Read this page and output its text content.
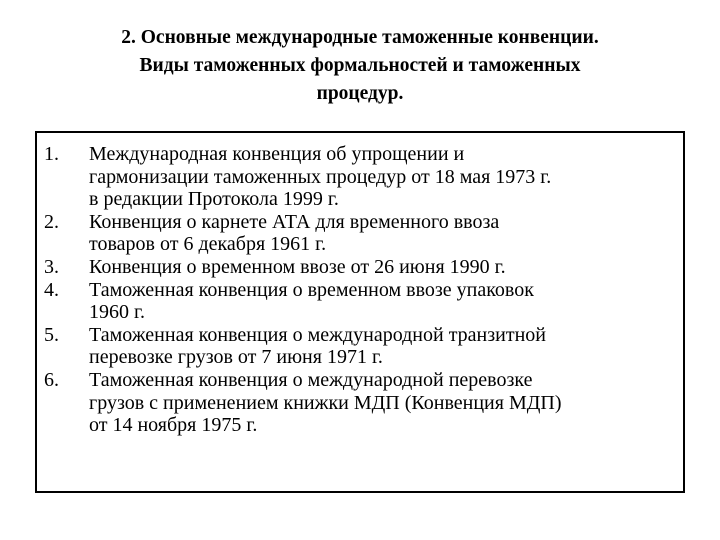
2. Основные международные таможенные конвенции.
Виды таможенных формальностей и таможенных
процедур.
1.	Международная конвенция об упрощении и
гармонизации таможенных процедур от 18 мая 1973 г.
в редакции Протокола 1999 г.
2.	Конвенция о карнете АТА для временного ввоза
товаров от 6 декабря 1961 г.
3.	Конвенция о временном ввозе от 26 июня 1990 г.
4.	Таможенная конвенция о временном ввозе упаковок
1960 г.
5.	Таможенная конвенция о международной транзитной
перевозке грузов от 7 июня 1971 г.
6.	Таможенная конвенция о международной перевозке
грузов с применением книжки МДП (Конвенция МДП)
от 14 ноября 1975 г.
